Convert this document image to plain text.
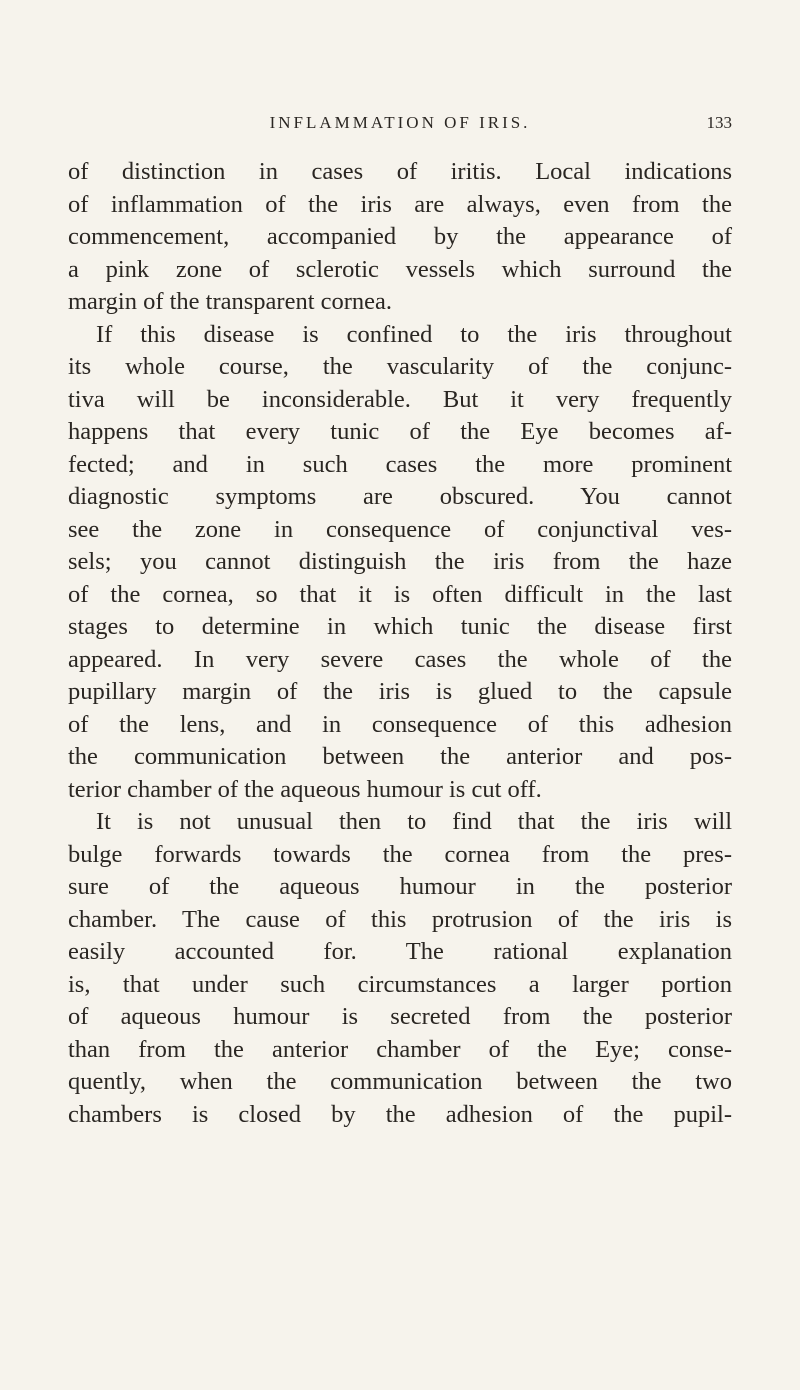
INFLAMMATION OF IRIS.	133
of distinction in cases of iritis. Local indications
of inflammation of the iris are always, even from the
commencement, accompanied by the appearance of
a pink zone of sclerotic vessels which surround the
margin of the transparent cornea.
If this disease is confined to the iris throughout
its whole course, the vascularity of the conjunc-
tiva will be inconsiderable. But it very frequently
happens that every tunic of the Eye becomes af-
fected; and in such cases the more prominent
diagnostic symptoms are obscured. You cannot
see the zone in consequence of conjunctival ves-
sels; you cannot distinguish the iris from the haze
of the cornea, so that it is often difficult in the last
stages to determine in which tunic the disease first
appeared. In very severe cases the whole of the
pupillary margin of the iris is glued to the capsule
of the lens, and in consequence of this adhesion
the communication between the anterior and pos-
terior chamber of the aqueous humour is cut off.
It is not unusual then to find that the iris will
bulge forwards towards the cornea from the pres-
sure of the aqueous humour in the posterior
chamber. The cause of this protrusion of the iris is
easily accounted for. The rational explanation
is, that under such circumstances a larger portion
of aqueous humour is secreted from the posterior
than from the anterior chamber of the Eye; conse-
quently, when the communication between the two
chambers is closed by the adhesion of the pupil-
